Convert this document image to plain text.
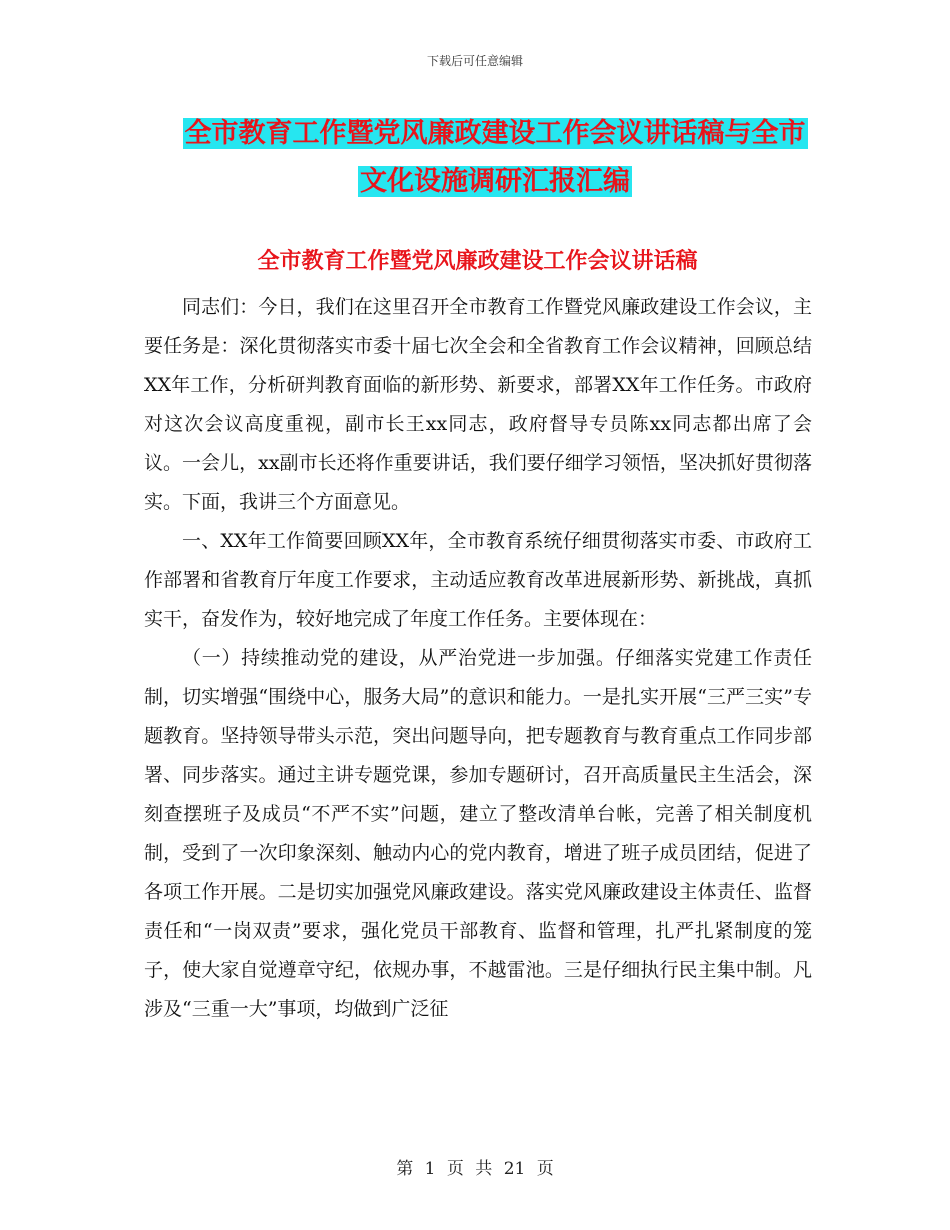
下载后可任意编辑
全市教育工作暨党风廉政建设工作会议讲话稿与全市
文化设施调研汇报汇编
全市教育工作暨党风廉政建设工作会议讲话稿

同志们：今日，我们在这里召开全市教育工作暨党风廉政建设工作会议，主要任务是：深化贯彻落实市委十届七次全会和全省教育工作会议精神，回顾总结XX年工作，分析研判教育面临的新形势、新要求，部署XX年工作任务。市政府对这次会议高度重视，副市长王xx同志，政府督导专员陈xx同志都出席了会议。一会儿，xx副市长还将作重要讲话，我们要仔细学习领悟，坚决抓好贯彻落实。下面，我讲三个方面意见。

一、XX年工作简要回顾XX年，全市教育系统仔细贯彻落实市委、市政府工作部署和省教育厅年度工作要求，主动适应教育改革进展新形势、新挑战，真抓实干，奋发作为，较好地完成了年度工作任务。主要体现在：

（一）持续推动党的建设，从严治党进一步加强。仔细落实党建工作责任制，切实增强“围绕中心，服务大局”的意识和能力。一是扎实开展“三严三实”专题教育。坚持领导带头示范，突出问题导向，把专题教育与教育重点工作同步部署、同步落实。通过主讲专题党课，参加专题研讨，召开高质量民主生活会，深刻查摆班子及成员“不严不实”问题，建立了整改清单台帐，完善了相关制度机制，受到了一次印象深刻、触动内心的党内教育，增进了班子成员团结，促进了各项工作开展。二是切实加强党风廉政建设。落实党风廉政建设主体责任、监督责任和“一岗双责”要求，强化党员干部教育、监督和管理，扎严扎紧制度的笼子，使大家自觉遵章守纪，依规办事，不越雷池。三是仔细执行民主集中制。凡涉及“三重一大”事项，均做到广泛征

第 1 页 共 21 页
